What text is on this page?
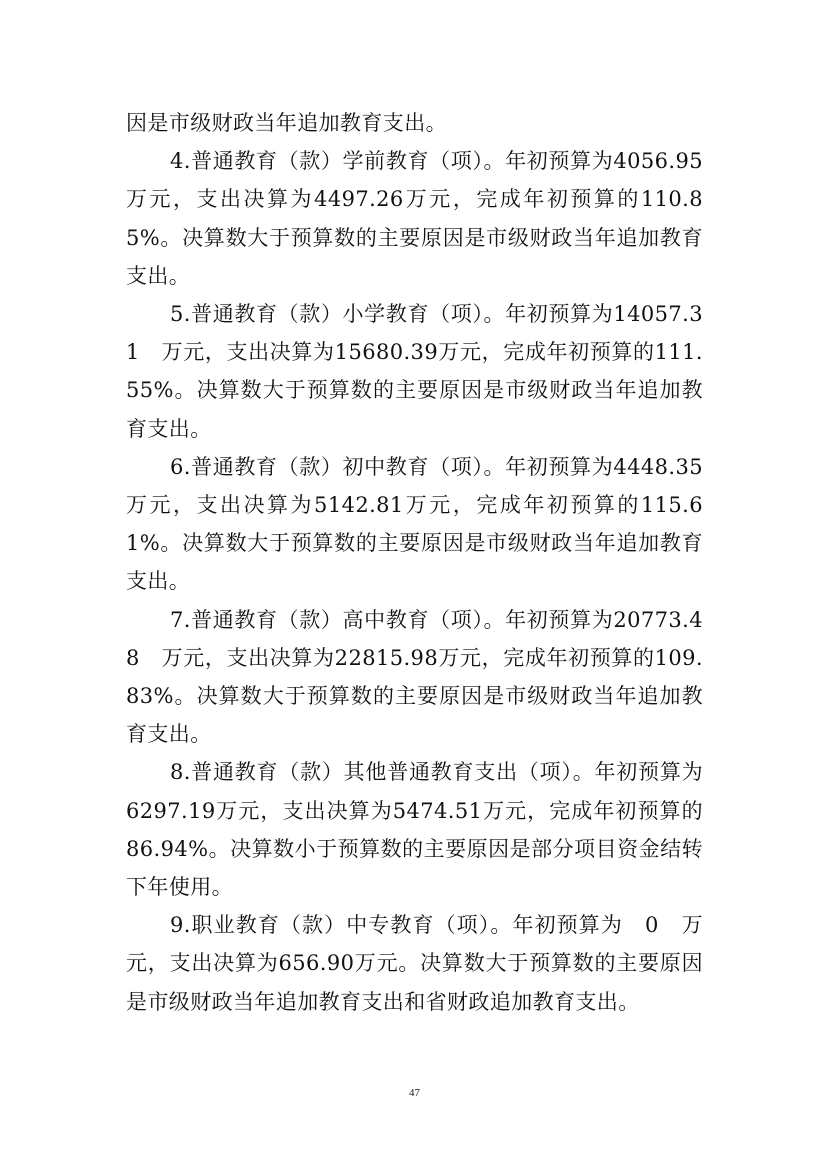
因是市级财政当年追加教育支出。

4.普通教育（款）学前教育（项）。年初预算为4056.95万元，支出决算为4497.26万元，完成年初预算的110.85%。决算数大于预算数的主要原因是市级财政当年追加教育支出。

5.普通教育（款）小学教育（项）。年初预算为14057.31　万元，支出决算为15680.39万元，完成年初预算的111.55%。决算数大于预算数的主要原因是市级财政当年追加教育支出。

6.普通教育（款）初中教育（项）。年初预算为4448.35　万元，支出决算为5142.81万元，完成年初预算的115.61%。决算数大于预算数的主要原因是市级财政当年追加教育支出。

7.普通教育（款）高中教育（项）。年初预算为20773.48　万元，支出决算为22815.98万元，完成年初预算的109.83%。决算数大于预算数的主要原因是市级财政当年追加教育支出。

8.普通教育（款）其他普通教育支出（项）。年初预算为　6297.19万元，支出决算为5474.51万元，完成年初预算的86.94%。决算数小于预算数的主要原因是部分项目资金结转下年使用。

9.职业教育（款）中专教育（项）。年初预算为　0　万元，支出决算为656.90万元。决算数大于预算数的主要原因是市级财政当年追加教育支出和省财政追加教育支出。

47
